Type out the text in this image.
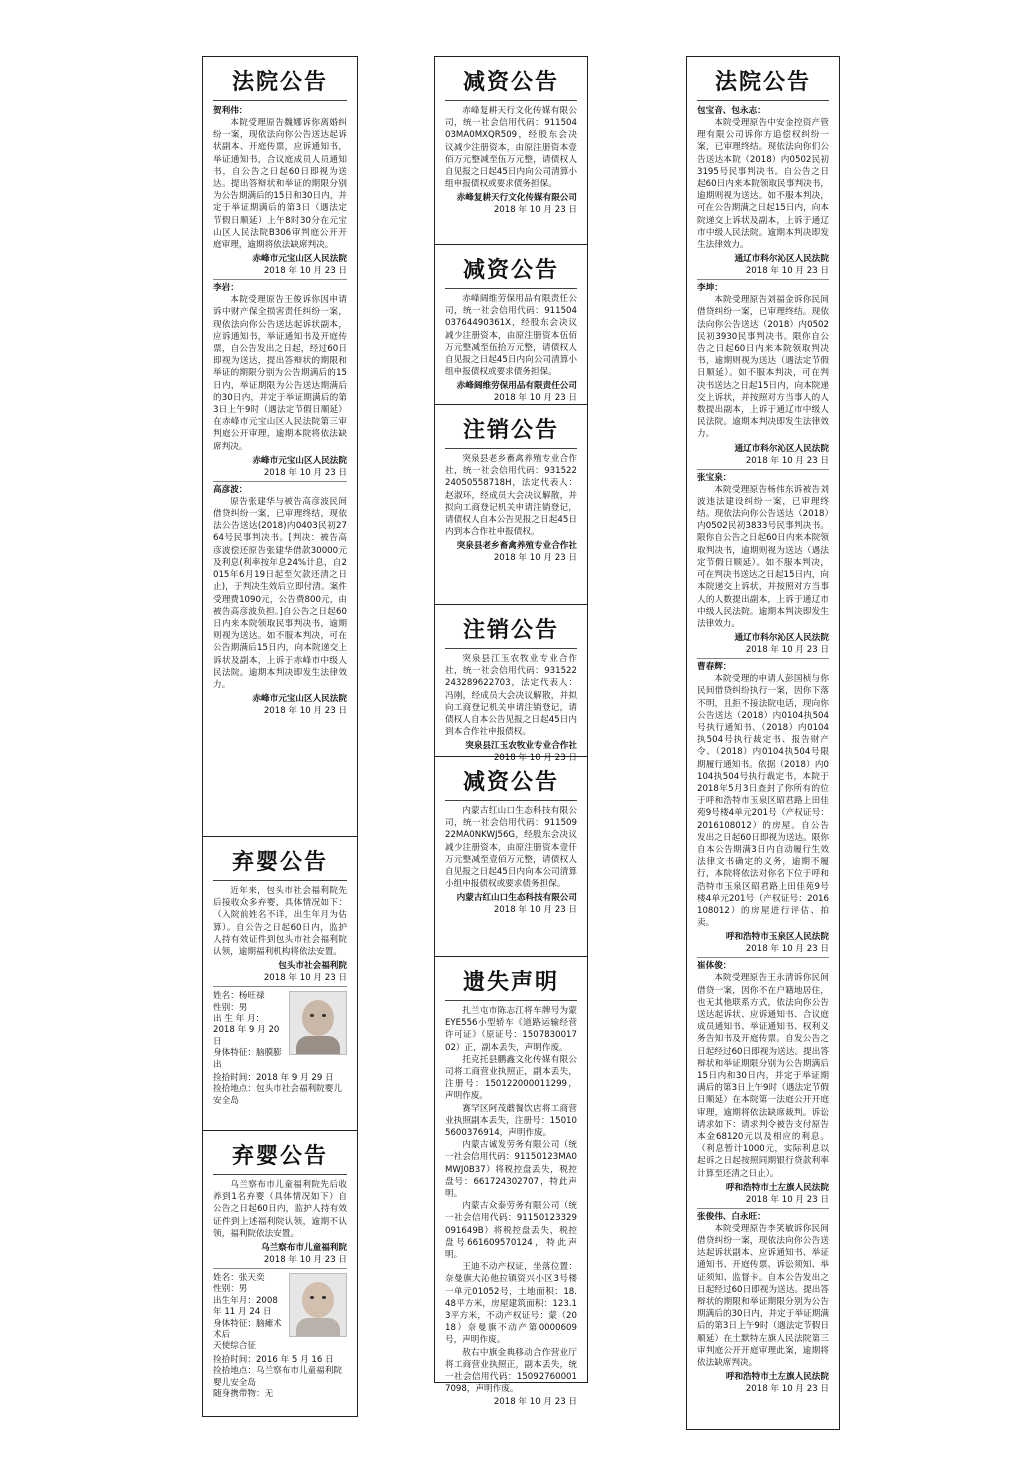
法院公告
贺利伟：

本院受理原告魏娜诉你离婚纠纷一案，现依法向你公告送达起诉状副本、开庭传票，应诉通知书，举证通知书，合议庭成员人员通知书，自公告之日起60日即视为送达。提出答辩状和举证的期限分别为公告期满后的15日和30日内，并定于举证期满后的第3日（遇法定节假日顺延）上午8时30分在元宝山区人民法院B306审判庭公开开庭审理，逾期将依法缺席判决。

赤峰市元宝山区人民法院
2018 年 10 月 23 日
李岩：

本院受理原告王俊诉你因申请诉中财产保全损害责任纠纷一案，现依法向你公告送达起诉状副本，应诉通知书，举证通知书及开庭传票，自公告发出之日起，经过60日即视为送达，提出答辩状的期限和举证的期限分别为公告期满后的15日内，举证期限为公告送达期满后的30日内，并定于举证期满后的第3日上午9时（遇法定节假日顺延）在赤峰市元宝山区人民法院第三审判庭公开审理，逾期本院将依法缺席判决。

赤峰市元宝山区人民法院
2018 年 10 月 23 日
高彦波：

原告张建华与被告高彦波民间借贷纠纷一案，已审理终结，现依法公告送达(2018)内0403民初2764号民事判决书。[判决：被告高彦波偿还原告张建华借款30000元及利息(利率按年息24%计息，自2015年6月19日起至欠款还清之日止)，于判决生效后立即付清。案件受理费1090元，公告费800元，由被告高彦波负担。]自公告之日起60日内来本院领取民事判决书，逾期则视为送达。如不服本判决，可在公告期满后15日内，向本院递交上诉状及副本，上诉于赤峰市中级人民法院。逾期本判决即发生法律效力。

赤峰市元宝山区人民法院
2018 年 10 月 23 日
弃婴公告

近年来，包头市社会福利院先后接收众多弃婴，具体情况如下：（入院前姓名不详，出生年月为估算）。自公告之日起60日内，监护人持有效证件到包头市社会福利院认领，逾期福利机构将依法安置。

包头市社会福利院
2018 年 10 月 23 日
姓名：杨旺禄
性别：男
出 生 年 月：2018 年 9 月 20 日
身体特征：脑膜膨出
捡拾时间：2018 年 9 月 29 日
捡拾地点：包头市社会福利院婴儿安全岛
弃婴公告

乌兰察布市儿童福利院先后收养到1名弃婴（具体情况如下）自公告之日起60日内，监护人持有效证件到上述福利院认领，逾期不认领，福利院依法安置。

乌兰察布市儿童福利院
2018 年 10 月 23 日
姓名：张天奕
性别：男
出生年月：2008 年 11 月 24 日
身体特征：脑瘫术术后
天使综合征
捡拾时间：2016 年 5 月 16 日
捡拾地点：乌兰察布市儿童福利院婴儿安全岛
随身携带物：无
减资公告

赤峰复耕天行文化传媒有限公司，统一社会信用代码：91150403MA0MXQR509，经股东会决议减少注册资本，由原注册资本壹佰万元整减至伍万元整，请债权人自见报之日起45日内向公司清算小组申报债权或要求债务担保。

赤峰复耕天行文化传媒有限公司
2018 年 10 月 23 日
减资公告

赤峰阔维劳保用品有限责任公司，统一社会信用代码：9115040376449036​1X，经股东会决议减少注册资本，由原注册资本伍佰万元整减至伍拾万元整，请债权人自见报之日起45日内向公司清算小组申报债权或要求债务担保。

赤峰阔维劳保用品有限责任公司
2018 年 10 月 23 日
注销公告

突泉县老乡畜禽养殖专业合作社，统一社会信用代码：93152224050558718H，法定代表人：赵淑环，经成员大会决议解散，并拟向工商登记机关申请注销登记，请债权人自本公告见报之日起45日内到本合作社申报债权。

突泉县老乡畜禽养殖专业合作社
2018 年 10 月 23 日
注销公告

突泉县江玉农牧业专业合作社，统一社会信用代码：931522243289622703，法定代表人：冯刚，经成员大会决议解散，并拟向工商登记机关申请注销登记，请债权人自本公告见报之日起45日内到本合作社申报债权。

突泉县江玉农牧业专业合作社
2018 年 10 月 23 日
减资公告

内蒙古红山口生态科技有限公司，统一社会信用代码：91150922MA0NKWJ56G，经股东会决议减少注册资本，由原注册资本壹仟万元整减至壹佰万元整，请债权人自见报之日起45日内向本公司清算小组申报债权或要求债务担保。

内蒙古红山口生态科技有限公司
2018 年 10 月 23 日
遗失声明

扎兰屯市陈志江将车牌号为蒙EYE556小型轿车《道路运输经营许可证》（原证号：150783001702）正，副本丢失，声明作废。

托克托县鹏鑫文化传媒有限公司将工商营业执照正，副本丢失，注册号：150122000011299，声明作废。

赛罕区阿茂蘑餐饮店将工商营业执照副本丢失，注册号：150105600376914，声明作废。

内蒙古诚发劳务有限公司（统一社会信用代码：91150123MA0MWJ0B37）将税控盘丢失，税控盘号：661724302707，特此声明。

内蒙古众泰劳务有限公司（统一社会信用代码：9115012332909​1649B）将税控盘丢失，税控盘号661609570124，特此声明。

王迪不动产权证，坐落位置：奈曼旗大沁他拉镇资兴小区3号楼一单元01052号，土地面积：18.48平方米，房屋建筑面积：123.13平方米，不动产权证号：蒙（2018）奈曼旗不动产第0000609号，声明作废。

敖右中旗金典移动合作营业厅将工商营业执照正，副本丢失，统一社会信用代码：150927600017098，声明作废。

2018 年 10 月 23 日
法院公告
包宝音、包永志：

本院受理原告中安金控资产管理有限公司诉你方追偿权纠纷一案，已审理终结。现依法向你们公告送达本院（2018）内0502民初3195号民事判决书。自公告之日起60日内来本院领取民事判决书，逾期则视为送达。如不服本判决，可在公告期满之日起15日内，向本院递交上诉状及副本，上诉于通辽市中级人民法院。逾期本判决即发生法律效力。

通辽市科尔沁区人民法院
2018 年 10 月 23 日
李坤：

本院受理原告刘福金诉你民间借贷纠纷一案，已审理终结。现依法向你公告送达（2018）内0502民初3930民事判决书。限你自公告之日起60日内来本院领取判决书，逾期则视为送达（遇法定节假日顺延）。如不服本判决，可在判决书送达之日起15日内，向本院递交上诉状，并按照对方当事人的人数提出副本，上诉于通辽市中级人民法院。逾期本判决即发生法律效力。

通辽市科尔沁区人民法院
2018 年 10 月 23 日
张宝泉：

本院受理原告杨伟东诉被告刘波违法建设纠纷一案，已审理终结。现依法向你公告送达（2018）内0502民初3833号民事判决书。限你自公告之日起60日内来本院领取判决书，逾期则视为送达（遇法定节假日顺延）。如不服本判决，可在判决书送达之日起15日内，向本院递交上诉状，并按照对方当事人的人数提出副本，上诉于通辽市中级人民法院。逾期本判决即发生法律效力。

通辽市科尔沁区人民法院
2018 年 10 月 23 日
曹春辉：

本院受理的申请人彭国桢与你民间借贷纠纷执行一案，因你下落不明，且拒不接法院电话，现向你公告送达（2018）内0104执504号执行通知书、（2018）内0104执504号执行裁定书、报告财产令、（2018）内0104执504号限期履行通知书。依据（2018）内0104执504号执行裁定书，本院于2018年5月3日查封了你所有的位于呼和浩特市玉泉区昭君路上田佳苑9号楼4单元201号（产权证号：2016108012）的房屋。自公告发出之日起60日即视为送达。限你自本公告期满3日内自动履行生效法律文书确定的义务，逾期不履行，本院将依法对你名下位于呼和浩特市玉泉区昭君路上田佳苑9号楼4单元201号（产权证号：2016108012）的房屋进行评估、拍卖。

呼和浩特市玉泉区人民法院
2018 年 10 月 23 日
崔体俊：

本院受理原告王永清诉你民间借贷一案，因你不在户籍地居住，也无其他联系方式，依法向你公告送达起诉状、应诉通知书、合议庭成员通知书、举证通知书、权利义务告知书及开庭传票。自发公告之日起经过60日即视为送达。提出答辩状和举证期限分别为公告期满后15日内和30日内，并定于举证期满后的第3日上午9时（遇法定节假日顺延）在本院第一法庭公开开庭审理，逾期将依法缺席裁判。诉讼请求如下：请求判令被告支付原告本金68120元以及相应的利息。（利息暂计1000元，实际利息以起诉之日起按照同期银行贷款利率计算至还清之日止）。

呼和浩特市土左旗人民法院
2018 年 10 月 23 日
张俊伟、白永旺：

本院受理原告李笑敏诉你民间借贷纠纷一案，现依法向你公告送达起诉状副本、应诉通知书、举证通知书、开庭传票、诉讼须知、举证须知、监督卡。自本公告发出之日起经过60日即视为送达。提出答辩状的期限和举证期限分别为公告期满后的30日内，并定于举证期满后的第3日上午9时（遇法定节假日顺延）在土默特左旗人民法院第三审判庭公开开庭审理此案，逾期将依法缺席判决。

呼和浩特市土左旗人民法院
2018 年 10 月 23 日
